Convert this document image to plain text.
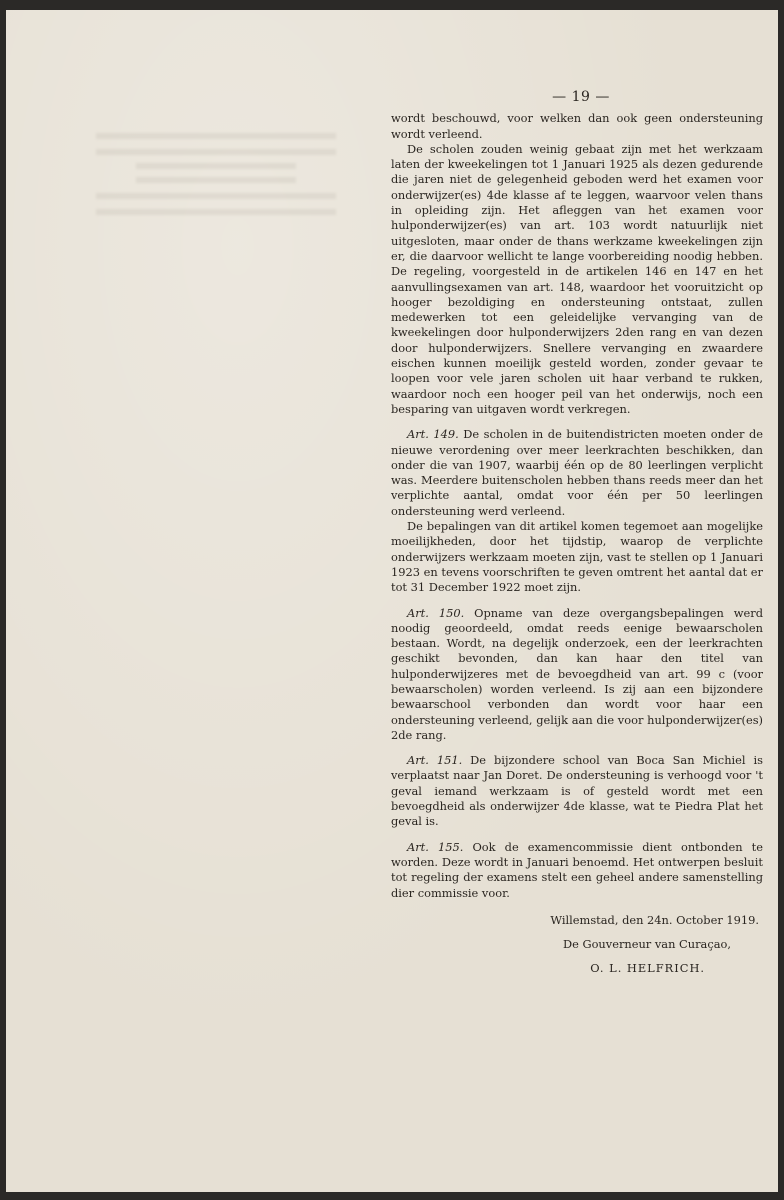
— 19 —

wordt beschouwd, voor welken dan ook geen ondersteuning wordt verleend.

De scholen zouden weinig gebaat zijn met het werkzaam laten der kweekelingen tot 1 Januari 1925 als dezen gedurende die jaren niet de gelegenheid geboden werd het examen voor onderwijzer(es) 4de klasse af te leggen, waarvoor velen thans in opleiding zijn. Het afleggen van het examen voor hulponderwijzer(es) van art. 103 wordt natuurlijk niet uitgesloten, maar onder de thans werkzame kweekelingen zijn er, die daarvoor wellicht te lange voorbereiding noodig hebben. De regeling, voorgesteld in de artikelen 146 en 147 en het aanvullingsexamen van art. 148, waardoor het vooruitzicht op hooger bezoldiging en ondersteuning ontstaat, zullen medewerken tot een geleidelijke vervanging van de kweekelingen door hulponderwijzers 2den rang en van dezen door hulponderwijzers. Snellere vervanging en zwaardere eischen kunnen moeilijk gesteld worden, zonder gevaar te loopen voor vele jaren scholen uit haar verband te rukken, waardoor noch een hooger peil van het onderwijs, noch een besparing van uitgaven wordt verkregen.

Art. 149. De scholen in de buitendistricten moeten onder de nieuwe verordening over meer leerkrachten beschikken, dan onder die van 1907, waarbij één op de 80 leerlingen verplicht was. Meerdere buitenscholen hebben thans reeds meer dan het verplichte aantal, omdat voor één per 50 leerlingen ondersteuning werd verleend.

De bepalingen van dit artikel komen tegemoet aan mogelijke moeilijkheden, door het tijdstip, waarop de verplichte onderwijzers werkzaam moeten zijn, vast te stellen op 1 Januari 1923 en tevens voorschriften te geven omtrent het aantal dat er tot 31 December 1922 moet zijn.

Art. 150. Opname van deze overgangsbepalingen werd noodig geoordeeld, omdat reeds eenige bewaarscholen bestaan. Wordt, na degelijk onderzoek, een der leerkrachten geschikt bevonden, dan kan haar den titel van hulponderwijzeres met de bevoegdheid van art. 99 c (voor bewaarscholen) worden verleend. Is zij aan een bijzondere bewaarschool verbonden dan wordt voor haar een ondersteuning verleend, gelijk aan die voor hulponderwijzer(es) 2de rang.

Art. 151. De bijzondere school van Boca San Michiel is verplaatst naar Jan Doret. De ondersteuning is verhoogd voor 't geval iemand werkzaam is of gesteld wordt met een bevoegdheid als onderwijzer 4de klasse, wat te Piedra Plat het geval is.

Art. 155. Ook de examencommissie dient ontbonden te worden. Deze wordt in Januari benoemd. Het ontwerpen besluit tot regeling der examens stelt een geheel andere samenstelling dier commissie voor.

Willemstad, den 24n. October 1919.

De Gouverneur van Curaçao,

O. L. HELFRICH.
